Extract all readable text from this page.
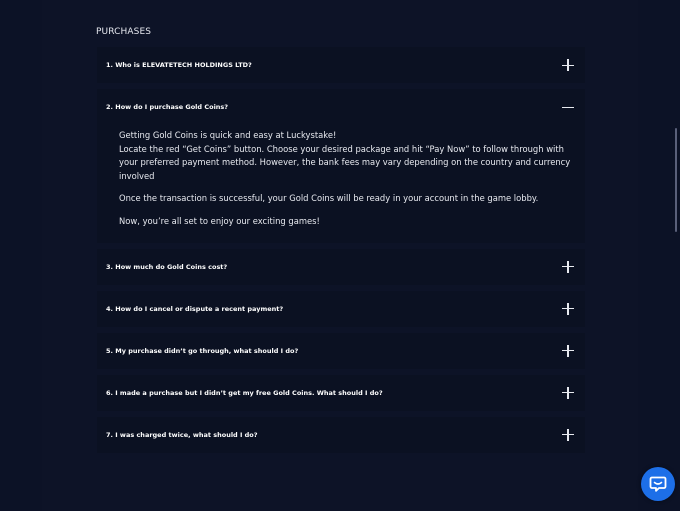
PURCHASES
1. Who is ELEVATETECH HOLDINGS LTD?
2. How do I purchase Gold Coins?

Getting Gold Coins is quick and easy at Luckystake!
Locate the red “Get Coins” button. Choose your desired package and hit “Pay Now” to follow through with your preferred payment method. However, the bank fees may vary depending on the country and currency involved

Once the transaction is successful, your Gold Coins will be ready in your account in the game lobby.

Now, you’re all set to enjoy our exciting games!

3. How much do Gold Coins cost?
4. How do I cancel or dispute a recent payment?
5. My purchase didn’t go through, what should I do?
6. I made a purchase but I didn’t get my free Gold Coins. What should I do?
7. I was charged twice, what should I do?
